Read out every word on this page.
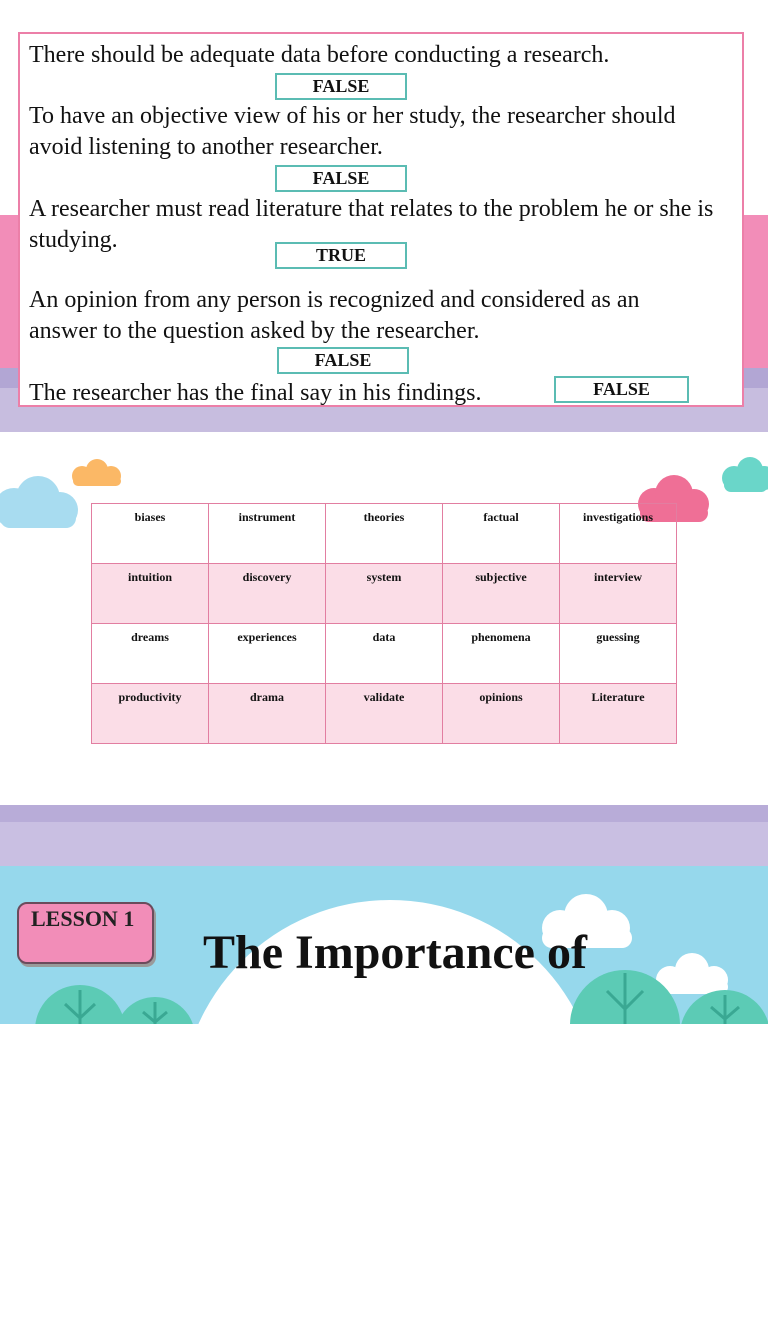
There should be adequate data before conducting a research.

FALSE

To have an objective view of his or her study, the researcher should avoid listening to another researcher.

FALSE

A researcher must read literature that relates to the problem he or she is studying.

TRUE

An opinion from any person is recognized and considered as an answer to the question asked by the researcher.

FALSE

The researcher has the final say in his findings.	FALSE
biases	instrument	theories	factual	investigations
intuition	discovery	system	subjective	interview
dreams	experiences	data	phenomena	guessing
productivity	drama	validate	opinions	Literature
LESSON 1
The Importance of
